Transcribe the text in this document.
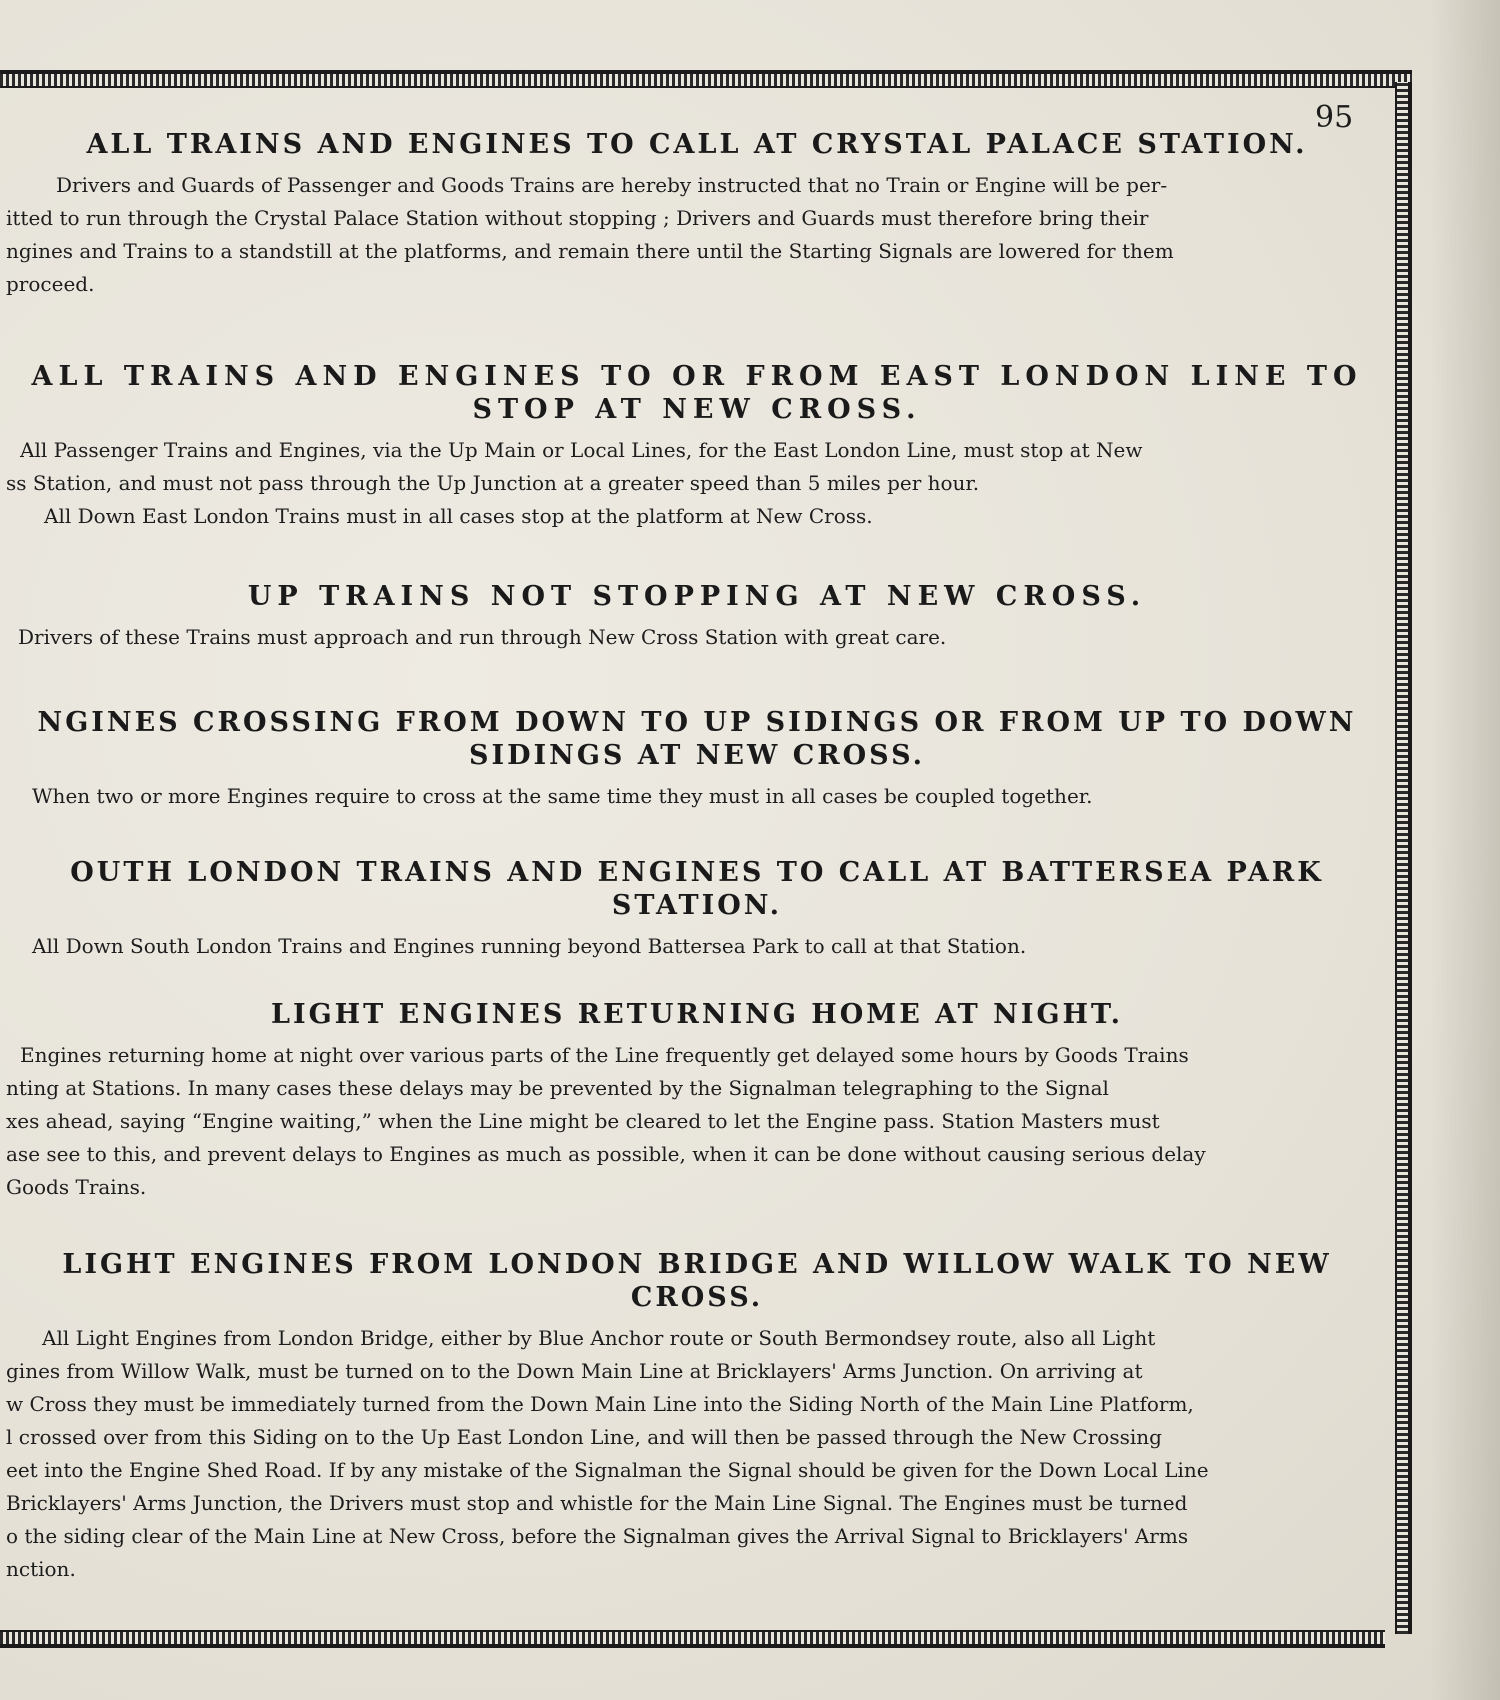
95
ALL TRAINS AND ENGINES TO CALL AT CRYSTAL PALACE STATION.
Drivers and Guards of Passenger and Goods Trains are hereby instructed that no Train or Engine will be per-
itted to run through the Crystal Palace Station without stopping ; Drivers and Guards must therefore bring their
ngines and Trains to a standstill at the platforms, and remain there until the Starting Signals are lowered for them
proceed.
ALL TRAINS AND ENGINES TO OR FROM EAST LONDON LINE TO
STOP AT NEW CROSS.
All Passenger Trains and Engines, via the Up Main or Local Lines, for the East London Line, must stop at New
ss Station, and must not pass through the Up Junction at a greater speed than 5 miles per hour.
All Down East London Trains must in all cases stop at the platform at New Cross.
UP TRAINS NOT STOPPING AT NEW CROSS.
Drivers of these Trains must approach and run through New Cross Station with great care.
NGINES CROSSING FROM DOWN TO UP SIDINGS OR FROM UP TO DOWN
SIDINGS AT NEW CROSS.
When two or more Engines require to cross at the same time they must in all cases be coupled together.
OUTH LONDON TRAINS AND ENGINES TO CALL AT BATTERSEA PARK
STATION.
All Down South London Trains and Engines running beyond Battersea Park to call at that Station.
LIGHT ENGINES RETURNING HOME AT NIGHT.
Engines returning home at night over various parts of the Line frequently get delayed some hours by Goods Trains
nting at Stations. In many cases these delays may be prevented by the Signalman telegraphing to the Signal
xes ahead, saying “Engine waiting,” when the Line might be cleared to let the Engine pass. Station Masters must
ase see to this, and prevent delays to Engines as much as possible, when it can be done without causing serious delay
Goods Trains.
LIGHT ENGINES FROM LONDON BRIDGE AND WILLOW WALK TO NEW
CROSS.
All Light Engines from London Bridge, either by Blue Anchor route or South Bermondsey route, also all Light
gines from Willow Walk, must be turned on to the Down Main Line at Bricklayers' Arms Junction. On arriving at
w Cross they must be immediately turned from the Down Main Line into the Siding North of the Main Line Platform,
l crossed over from this Siding on to the Up East London Line, and will then be passed through the New Crossing
eet into the Engine Shed Road. If by any mistake of the Signalman the Signal should be given for the Down Local Line
Bricklayers' Arms Junction, the Drivers must stop and whistle for the Main Line Signal. The Engines must be turned
o the siding clear of the Main Line at New Cross, before the Signalman gives the Arrival Signal to Bricklayers' Arms
nction.
